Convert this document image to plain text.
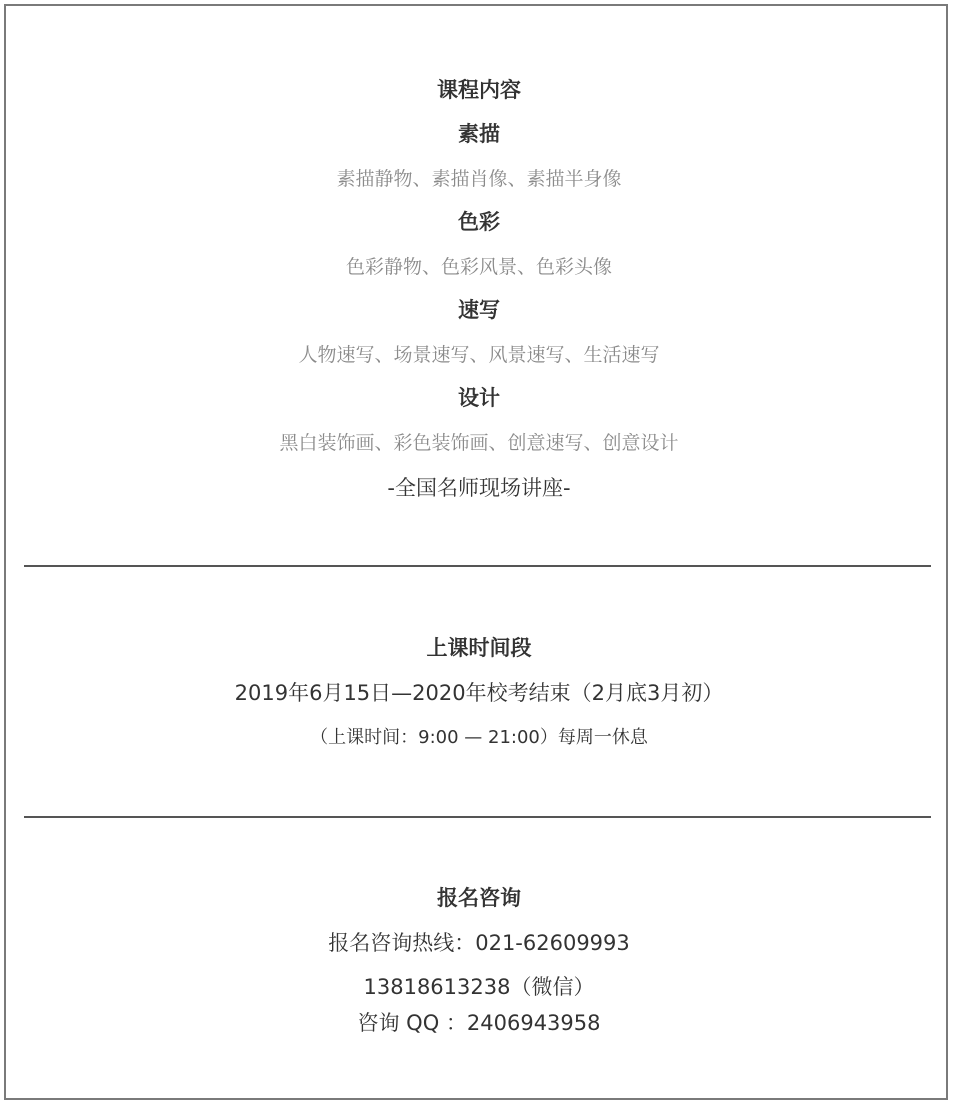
课程内容
素描
素描静物、素描肖像、素描半身像
色彩
色彩静物、色彩风景、色彩头像
速写
人物速写、场景速写、风景速写、生活速写
设计
黑白装饰画、彩色装饰画、创意速写、创意设计
-全国名师现场讲座-
上课时间段
2019年6月15日—2020年校考结束（2月底3月初）
（上课时间：9:00 — 21:00）每周一休息
报名咨询
报名咨询热线：021-62609993
13818613238（微信）
咨询 QQ ：2406943958
